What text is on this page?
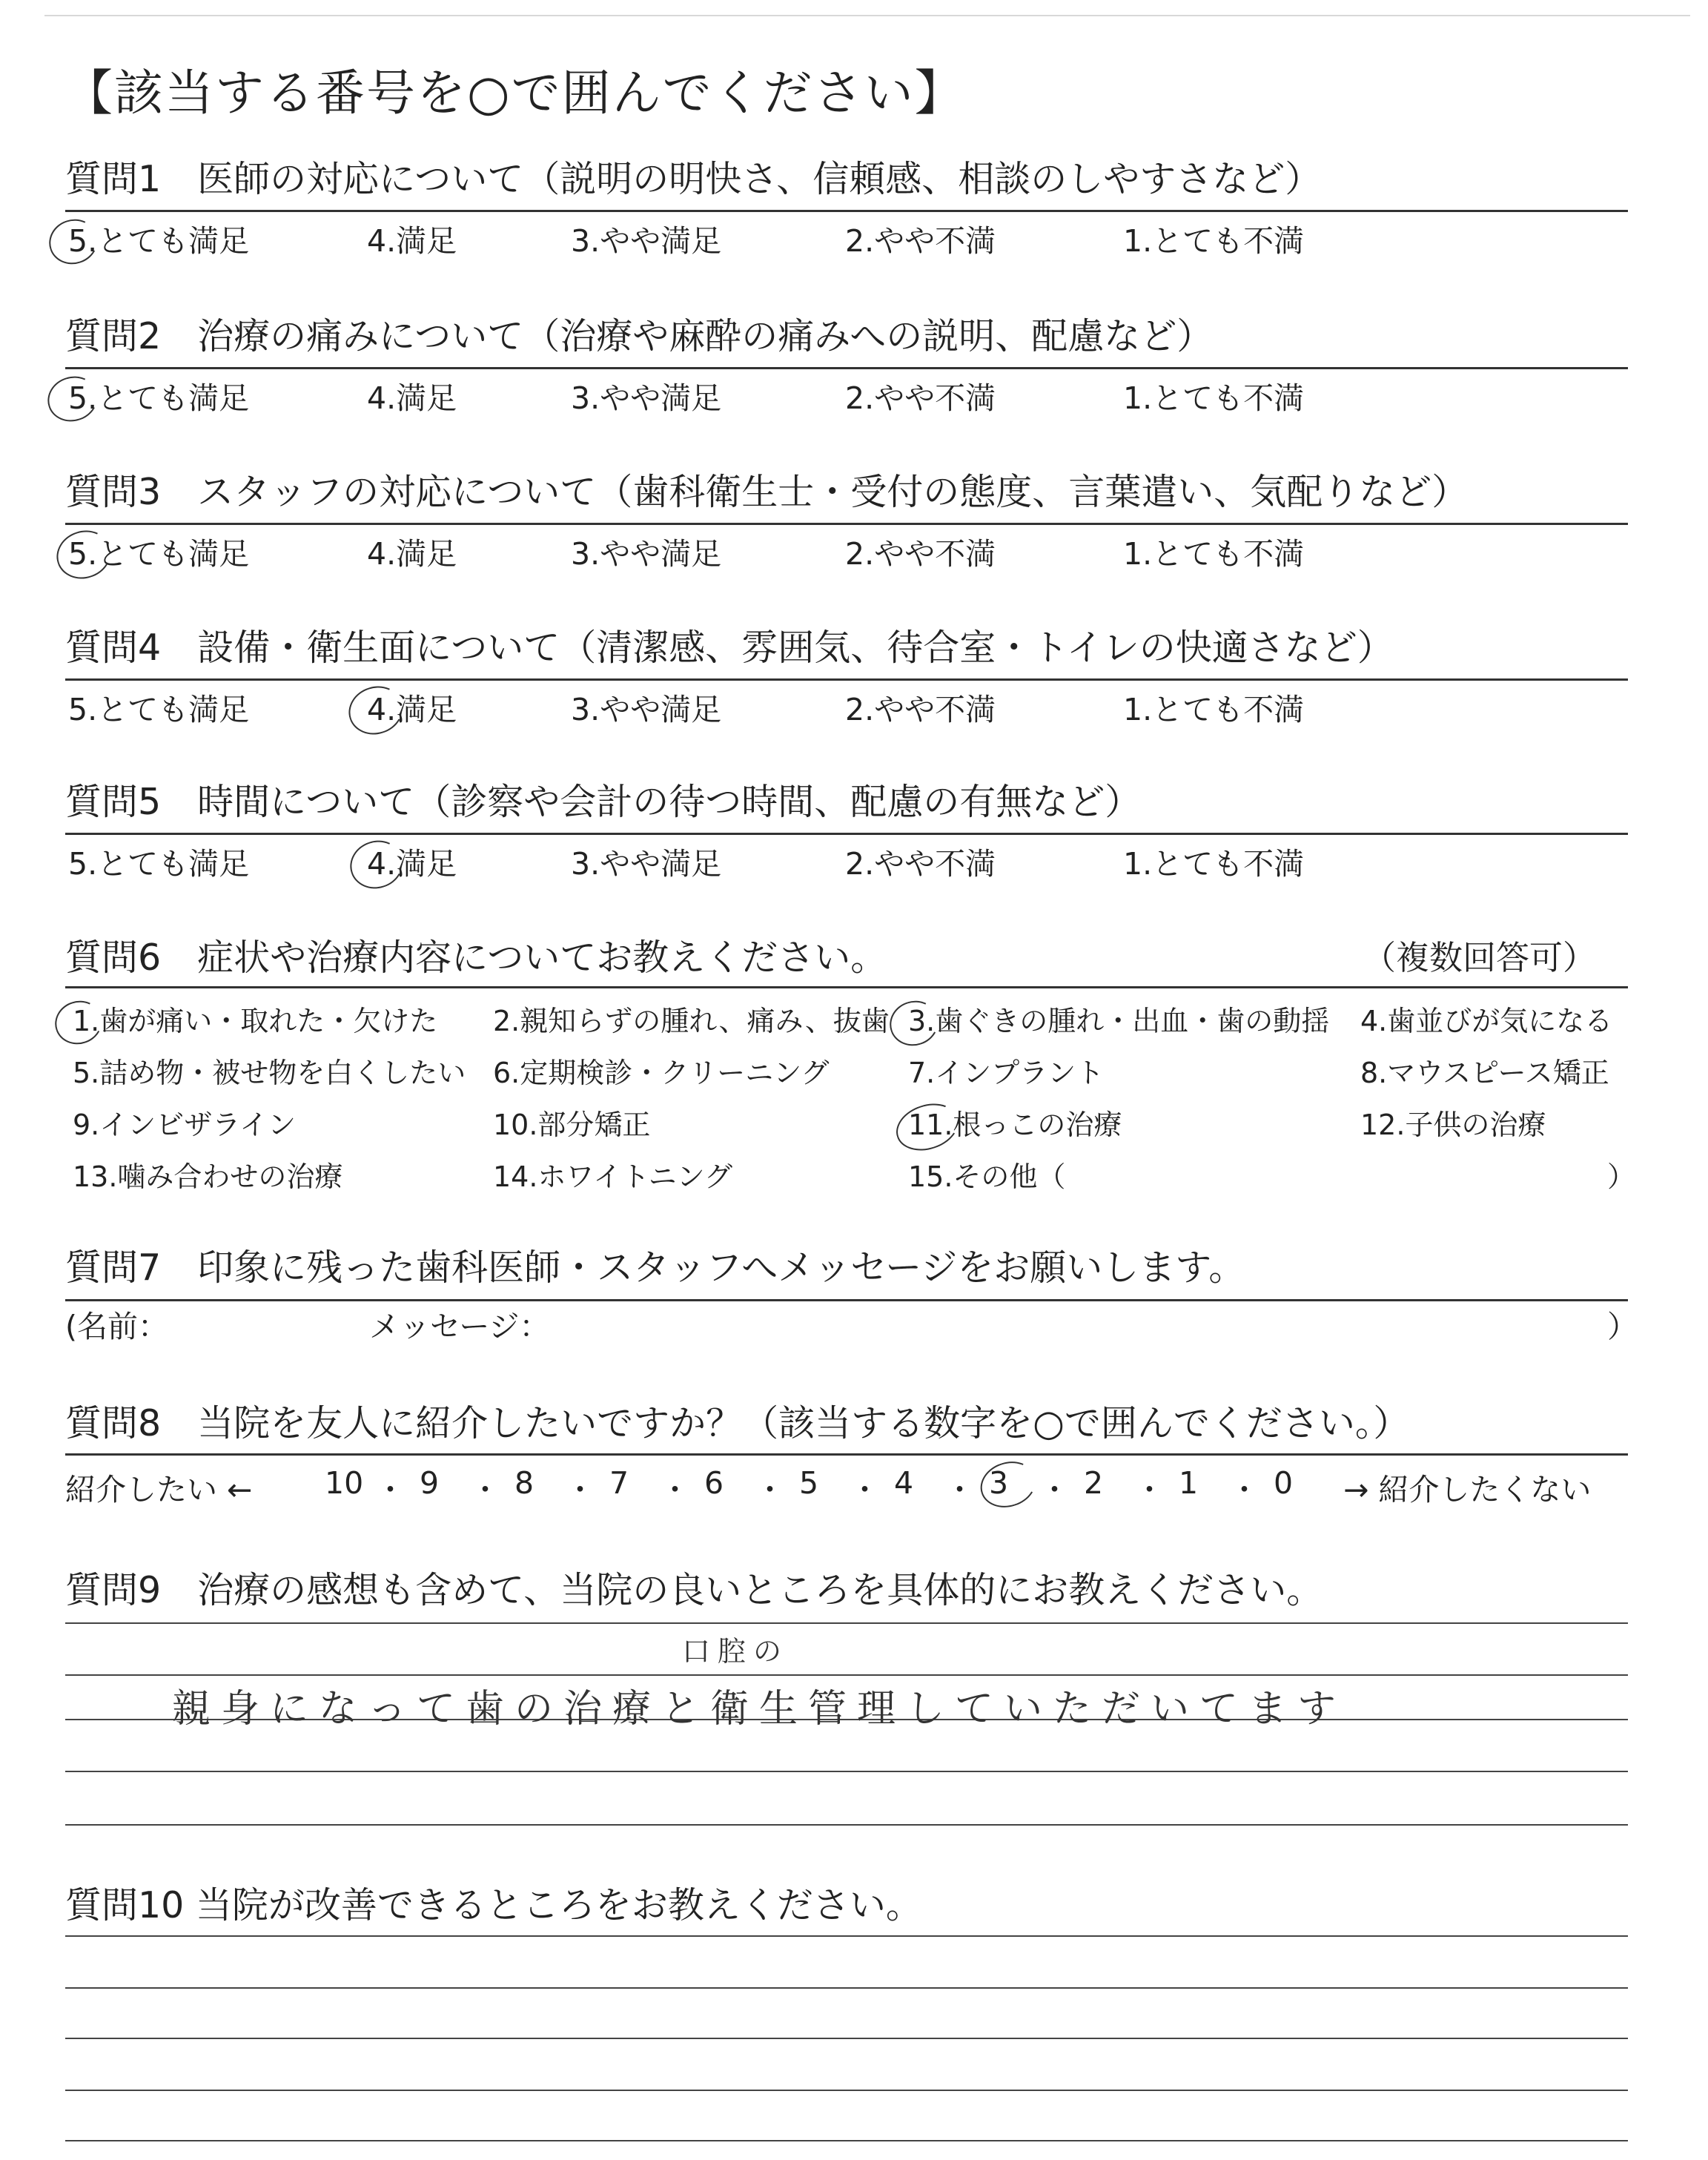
【該当する番号を○で囲んでください】
質問1　医師の対応について（説明の明快さ、信頼感、相談のしやすさなど）
5.とても満足	4.満足	3.やや満足	2.やや不満	1.とても不満
質問2　治療の痛みについて（治療や麻酔の痛みへの説明、配慮など）
5.とても満足	4.満足	3.やや満足	2.やや不満	1.とても不満
質問3　スタッフの対応について（歯科衛生士・受付の態度、言葉遣い、気配りなど）
5.とても満足	4.満足	3.やや満足	2.やや不満	1.とても不満
質問4　設備・衛生面について（清潔感、雰囲気、待合室・トイレの快適さなど）
5.とても満足	4.満足	3.やや満足	2.やや不満	1.とても不満
質問5　時間について（診察や会計の待つ時間、配慮の有無など）
5.とても満足	4.満足	3.やや満足	2.やや不満	1.とても不満
質問6　症状や治療内容についてお教えください。	（複数回答可）
1.歯が痛い・取れた・欠けた 2.親知らずの腫れ、痛み、抜歯 3.歯ぐきの腫れ・出血・歯の動揺 4.歯並びが気になる
5.詰め物・被せ物を白くしたい 6.定期検診・クリーニング	7.インプラント	8.マウスピース矯正
9.インビザライン	10.部分矯正	11.根っこの治療	12.子供の治療
13.噛み合わせの治療	14.ホワイトニング	15.その他（	）
質問7　印象に残った歯科医師・スタッフへメッセージをお願いします。
(名前：	メッセージ：	）
質問8　当院を友人に紹介したいですか？（該当する数字を○で囲んでください。）
紹介したい ← 10 ・ 9 ・ 8 ・ 7 ・ 6 ・ 5 ・ 4 ・ 3 ・ 2 ・ 1 ・ 0 → 紹介したくない
質問9　治療の感想も含めて、当院の良いところを具体的にお教えください。
口腔の
親身になって歯の治療と衛生管理していただいてます
質問10 当院が改善できるところをお教えください。
